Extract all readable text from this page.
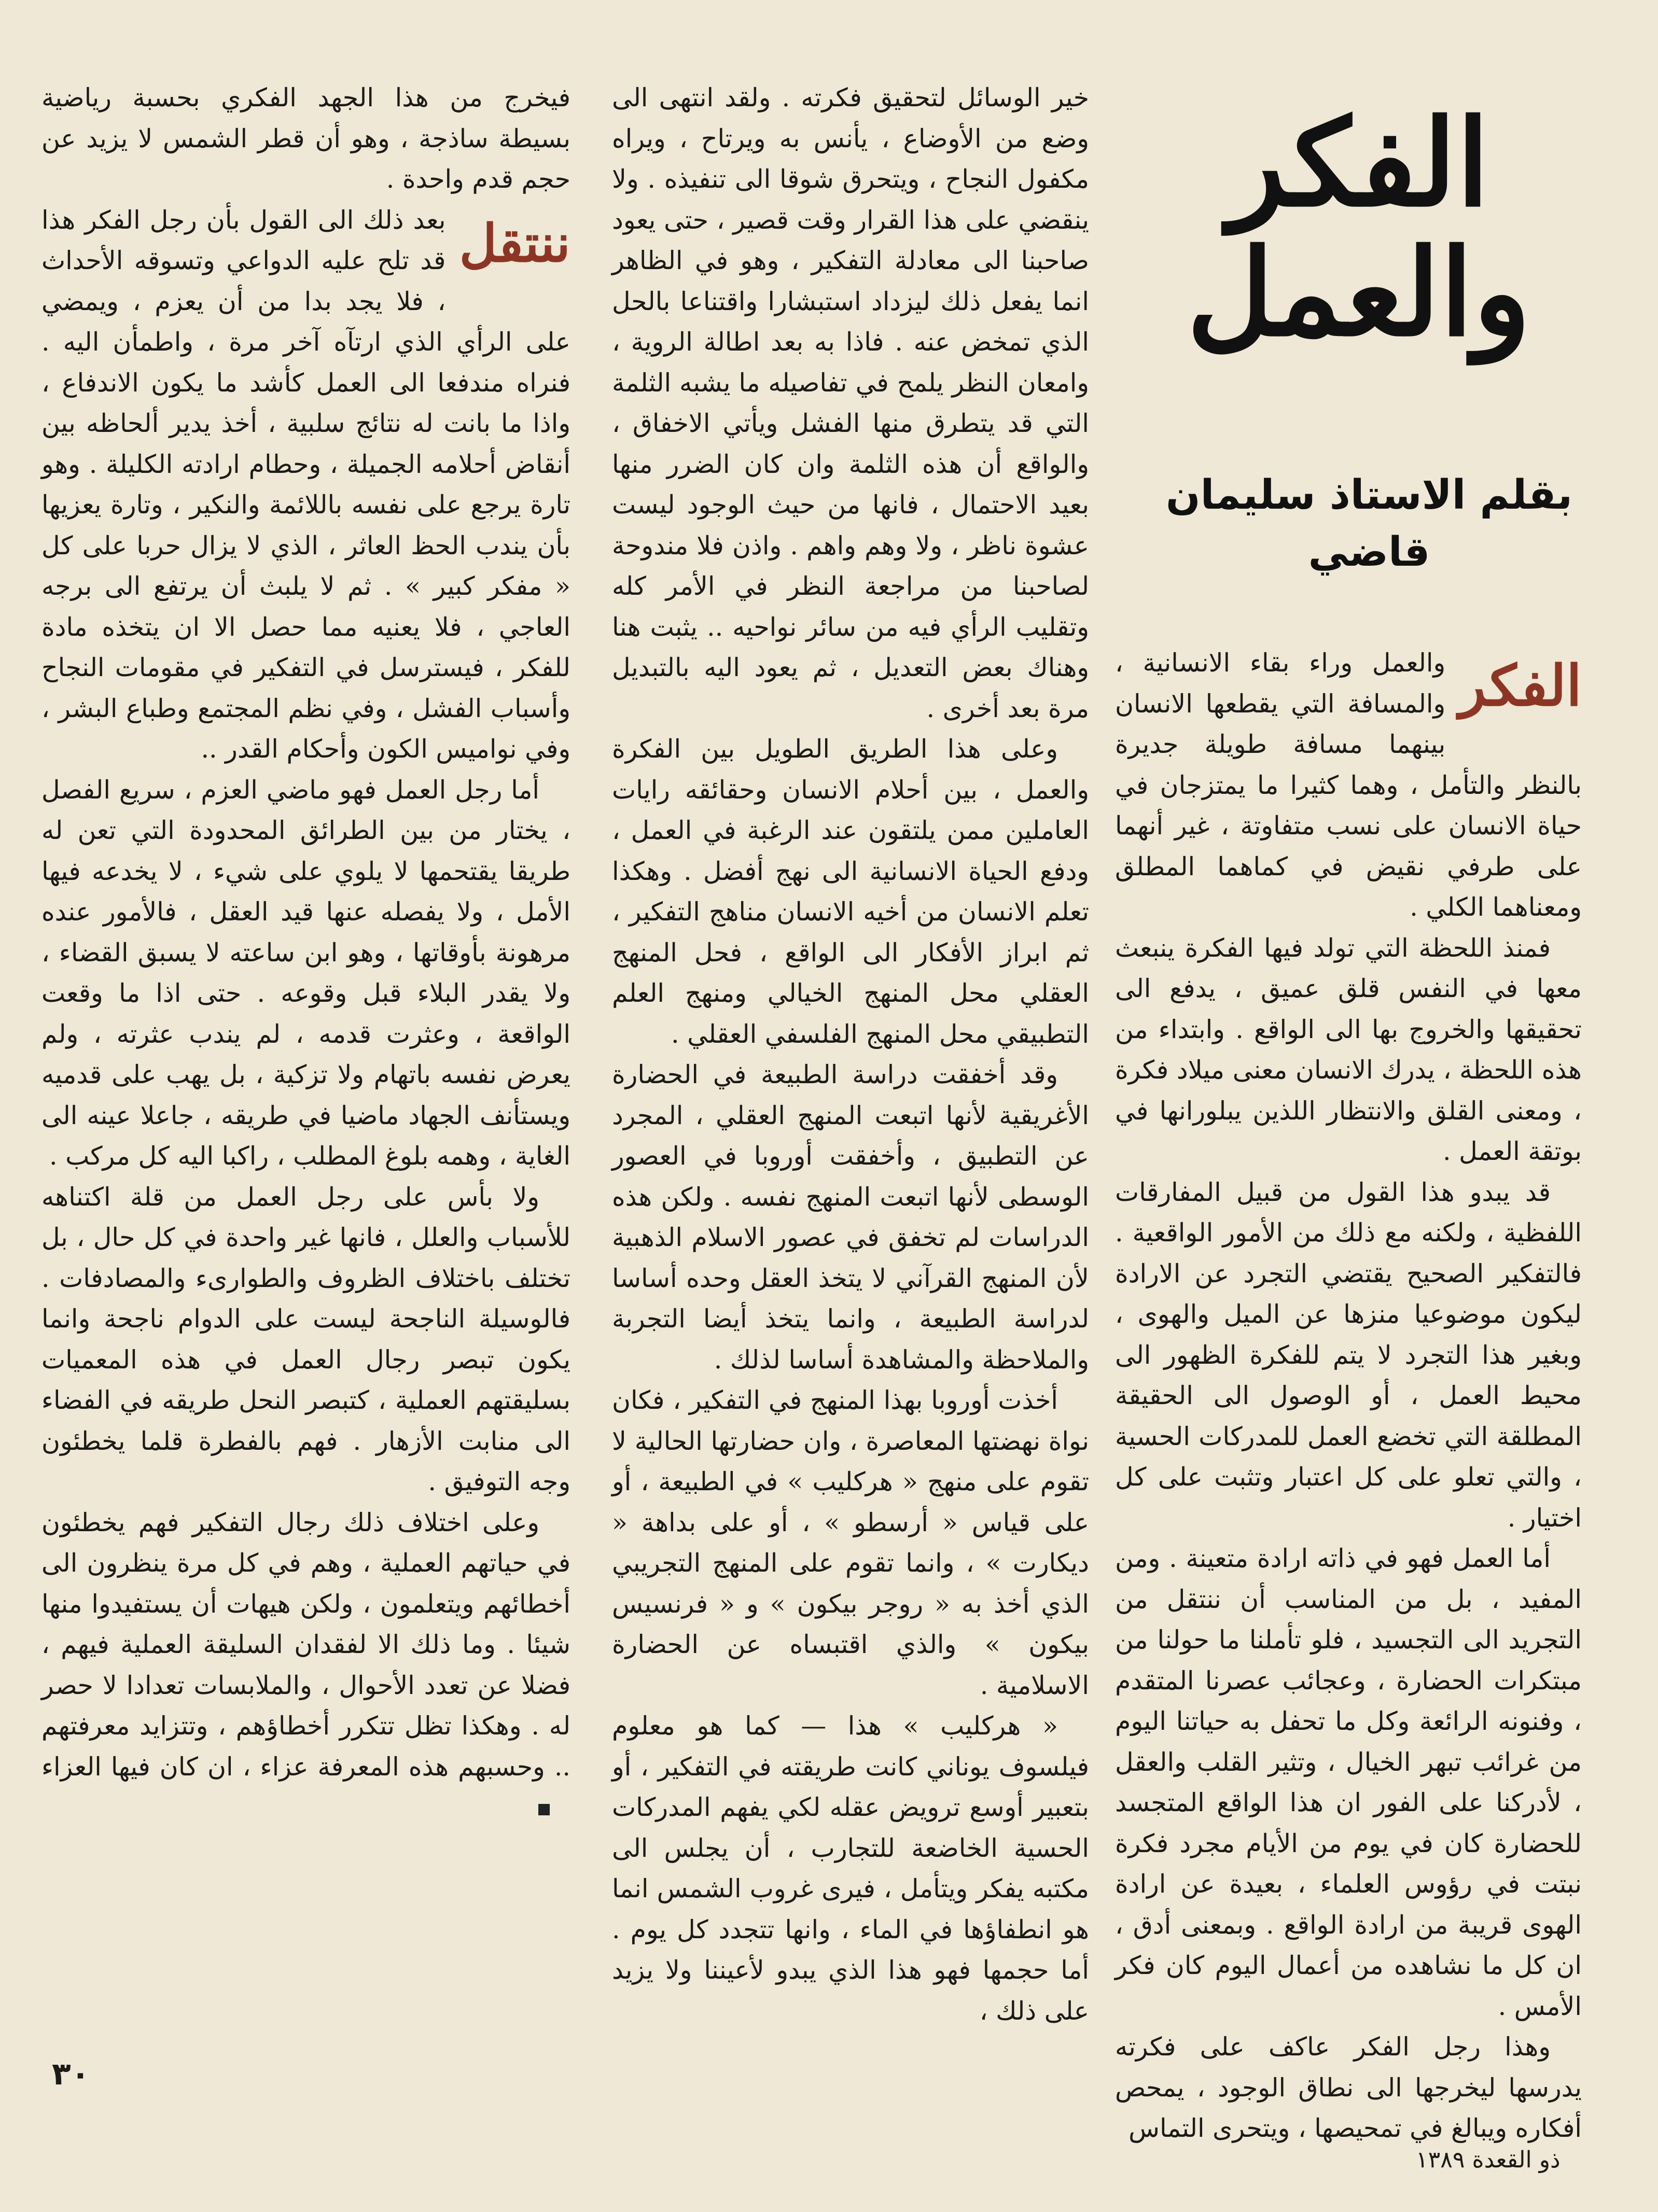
الفكر
والعمل
بقلم الاستاذ سليمان قاضي

الفكر
والعمل وراء بقاء الانسانية ، والمسافة التي يقطعها الانسان بينهما مسافة طويلة جديرة بالنظر والتأمل ، وهما كثيرا ما يمتزجان في حياة الانسان على نسب متفاوتة ، غير أنهما على طرفي نقيض في كماهما المطلق ومعناهما الكلي .

فمنذ اللحظة التي تولد فيها الفكرة ينبعث معها في النفس قلق عميق ، يدفع الى تحقيقها والخروج بها الى الواقع . وابتداء من هذه اللحظة ، يدرك الانسان معنى ميلاد فكرة ، ومعنى القلق والانتظار اللذين يبلورانها في بوتقة العمل .

قد يبدو هذا القول من قبيل المفارقات اللفظية ، ولكنه مع ذلك من الأمور الواقعية . فالتفكير الصحيح يقتضي التجرد عن الارادة ليكون موضوعيا منزها عن الميل والهوى ، وبغير هذا التجرد لا يتم للفكرة الظهور الى محيط العمل ، أو الوصول الى الحقيقة المطلقة التي تخضع العمل للمدركات الحسية ، والتي تعلو على كل اعتبار وتثبت على كل اختيار .

أما العمل فهو في ذاته ارادة متعينة . ومن المفيد ، بل من المناسب أن ننتقل من التجريد الى التجسيد ، فلو تأملنا ما حولنا من مبتكرات الحضارة ، وعجائب عصرنا المتقدم ، وفنونه الرائعة وكل ما تحفل به حياتنا اليوم من غرائب تبهر الخيال ، وتثير القلب والعقل ، لأدركنا على الفور ان هذا الواقع المتجسد للحضارة كان في يوم من الأيام مجرد فكرة نبتت في رؤوس العلماء ، بعيدة عن ارادة الهوى قريبة من ارادة الواقع . وبمعنى أدق ، ان كل ما نشاهده من أعمال اليوم كان فكر الأمس .

وهذا رجل الفكر عاكف على فكرته يدرسها ليخرجها الى نطاق الوجود ، يمحص أفكاره ويبالغ في تمحيصها ، ويتحرى التماس

خير الوسائل لتحقيق فكرته . ولقد انتهى الى وضع من الأوضاع ، يأنس به ويرتاح ، ويراه مكفول النجاح ، ويتحرق شوقا الى تنفيذه . ولا ينقضي على هذا القرار وقت قصير ، حتى يعود صاحبنا الى معادلة التفكير ، وهو في الظاهر انما يفعل ذلك ليزداد استبشارا واقتناعا بالحل الذي تمخض عنه . فاذا به بعد اطالة الروية ، وامعان النظر يلمح في تفاصيله ما يشبه الثلمة التي قد يتطرق منها الفشل ويأتي الاخفاق ، والواقع أن هذه الثلمة وان كان الضرر منها بعيد الاحتمال ، فانها من حيث الوجود ليست عشوة ناظر ، ولا وهم واهم . واذن فلا مندوحة لصاحبنا من مراجعة النظر في الأمر كله وتقليب الرأي فيه من سائر نواحيه .. يثبت هنا وهناك بعض التعديل ، ثم يعود اليه بالتبديل مرة بعد أخرى .

وعلى هذا الطريق الطويل بين الفكرة والعمل ، بين أحلام الانسان وحقائقه رايات العاملين ممن يلتقون عند الرغبة في العمل ، ودفع الحياة الانسانية الى نهج أفضل . وهكذا تعلم الانسان من أخيه الانسان مناهج التفكير ، ثم ابراز الأفكار الى الواقع ، فحل المنهج العقلي محل المنهج الخيالي ومنهج العلم التطبيقي محل المنهج الفلسفي العقلي .

وقد أخفقت دراسة الطبيعة في الحضارة الأغريقية لأنها اتبعت المنهج العقلي ، المجرد عن التطبيق ، وأخفقت أوروبا في العصور الوسطى لأنها اتبعت المنهج نفسه . ولكن هذه الدراسات لم تخفق في عصور الاسلام الذهبية لأن المنهج القرآني لا يتخذ العقل وحده أساسا لدراسة الطبيعة ، وانما يتخذ أيضا التجربة والملاحظة والمشاهدة أساسا لذلك .

أخذت أوروبا بهذا المنهج في التفكير ، فكان نواة نهضتها المعاصرة ، وان حضارتها الحالية لا تقوم على منهج « هركليب » في الطبيعة ، أو على قياس « أرسطو » ، أو على بداهة « ديكارت » ، وانما تقوم على المنهج التجريبي الذي أخذ به « روجر بيكون » و « فرنسيس بيكون » والذي اقتبساه عن الحضارة الاسلامية .

« هركليب » هذا — كما هو معلوم فيلسوف يوناني كانت طريقته في التفكير ، أو بتعبير أوسع ترويض عقله لكي يفهم المدركات الحسية الخاضعة للتجارب ، أن يجلس الى مكتبه يفكر ويتأمل ، فيرى غروب الشمس انما هو انطفاؤها في الماء ، وانها تتجدد كل يوم . أما حجمها فهو هذا الذي يبدو لأعيننا ولا يزيد على ذلك ،

فيخرج من هذا الجهد الفكري بحسبة رياضية بسيطة ساذجة ، وهو أن قطر الشمس لا يزيد عن حجم قدم واحدة .

ننتقل
بعد ذلك الى القول بأن رجل الفكر هذا قد تلح عليه الدواعي وتسوقه الأحداث ، فلا يجد بدا من أن يعزم ، ويمضي على الرأي الذي ارتآه آخر مرة ، واطمأن اليه . فنراه مندفعا الى العمل كأشد ما يكون الاندفاع ، واذا ما بانت له نتائج سلبية ، أخذ يدير ألحاظه بين أنقاض أحلامه الجميلة ، وحطام ارادته الكليلة . وهو تارة يرجع على نفسه باللائمة والنكير ، وتارة يعزيها بأن يندب الحظ العاثر ، الذي لا يزال حربا على كل « مفكر كبير » . ثم لا يلبث أن يرتفع الى برجه العاجي ، فلا يعنيه مما حصل الا ان يتخذه مادة للفكر ، فيسترسل في التفكير في مقومات النجاح وأسباب الفشل ، وفي نظم المجتمع وطباع البشر ، وفي نواميس الكون وأحكام القدر ..

أما رجل العمل فهو ماضي العزم ، سريع الفصل ، يختار من بين الطرائق المحدودة التي تعن له طريقا يقتحمها لا يلوي على شيء ، لا يخدعه فيها الأمل ، ولا يفصله عنها قيد العقل ، فالأمور عنده مرهونة بأوقاتها ، وهو ابن ساعته لا يسبق القضاء ، ولا يقدر البلاء قبل وقوعه . حتى اذا ما وقعت الواقعة ، وعثرت قدمه ، لم يندب عثرته ، ولم يعرض نفسه باتهام ولا تزكية ، بل يهب على قدميه ويستأنف الجهاد ماضيا في طريقه ، جاعلا عينه الى الغاية ، وهمه بلوغ المطلب ، راكبا اليه كل مركب .

ولا بأس على رجل العمل من قلة اكتناهه للأسباب والعلل ، فانها غير واحدة في كل حال ، بل تختلف باختلاف الظروف والطوارىء والمصادفات . فالوسيلة الناجحة ليست على الدوام ناجحة وانما يكون تبصر رجال العمل في هذه المعميات بسليقتهم العملية ، كتبصر النحل طريقه في الفضاء الى منابت الأزهار . فهم بالفطرة قلما يخطئون وجه التوفيق .

وعلى اختلاف ذلك رجال التفكير فهم يخطئون في حياتهم العملية ، وهم في كل مرة ينظرون الى أخطائهم ويتعلمون ، ولكن هيهات أن يستفيدوا منها شيئا . وما ذلك الا لفقدان السليقة العملية فيهم ، فضلا عن تعدد الأحوال ، والملابسات تعدادا لا حصر له . وهكذا تظل تتكرر أخطاؤهم ، وتتزايد معرفتهم .. وحسبهم هذه المعرفة عزاء ، ان كان فيها العزاء

٣٠
ذو القعدة ١٣٨٩
